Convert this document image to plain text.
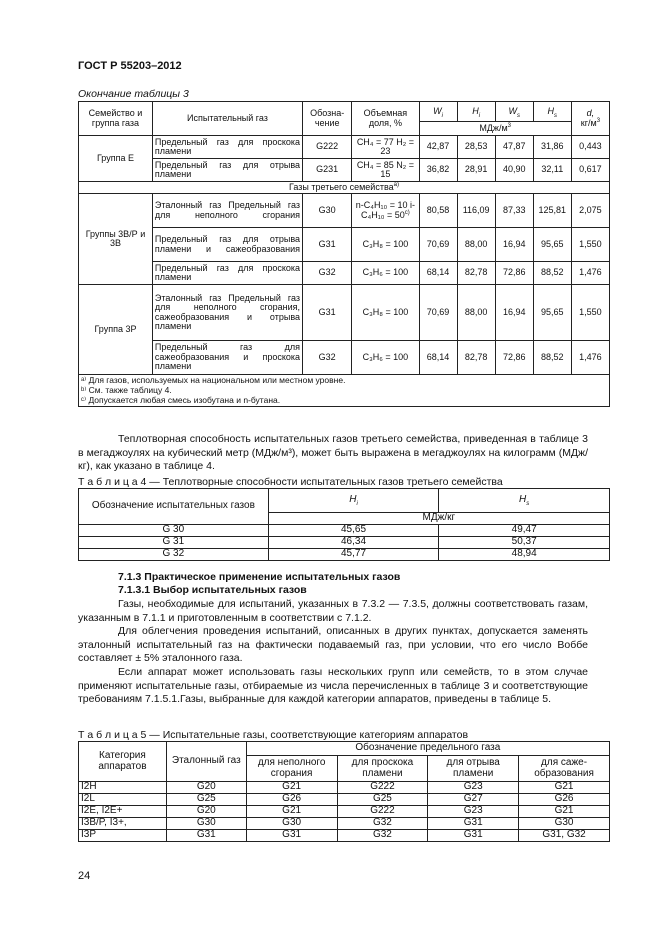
ГОСТ Р 55203–2012
Окончание таблицы 3
Семейство и группа газа	Испытательный газ	Обозна-чение	Объемная доля, %	$W_i$	$H_i$	$W_s$	$H_s$	d,
$кг/м^3$
				МДж/$м^3$
Группа Е	Предельный газ для проскока пламени	G222	CH₄ = 77 H₂ = 23	42,87	28,53	47,87	31,86	0,443
	Предельный газ для отрыва пламени	G231	CH₄ = 85 N₂ = 15	36,82	28,91	40,90	32,11	0,617
Газы третьего семейства$^{a)}$
Группы 3В/Р и 3В	Эталонный газ Предельный газ для неполного сгорания	G30	n-C₄H₁₀ = 10 $i-C_4H_{10} = 50^{c)}$	80,58	116,09	87,33	125,81	2,075
	Предельный газ для отрыва пламени и сажеобразования	G31	C₃H₈ = 100	70,69	88,00	16,94	95,65	1,550
	Предельный газ для проскока пламени	G32	C₃H₆ = 100	68,14	82,78	72,86	88,52	1,476
Группа 3Р	Эталонный газ Предельный газ для неполного сгорания, сажеобразования и отрыва пламени	G31	C₃H₈ = 100	70,69	88,00	16,94	95,65	1,550
	Предельный газ для сажеобразования и проскока пламени	G32	C₃H₆ = 100	68,14	82,78	72,86	88,52	1,476

ᵃ⁾ Для газов, используемых на национальном или местном уровне.
ᵇ⁾ См. также таблицу 4.
ᶜ⁾ Допускается любая смесь изобутана и n-бутана.								
Теплотворная способность испытательных газов третьего семейства, приведенная в таблице 3 в мегаджоулях на кубический метр (МДж/м³), может быть выражена в мегаджоулях на килограмм (МДж/кг), как указано в таблице 4.
Т а б л и ц а 4 — Теплотворные способности испытательных газов третьего семейства
Обозначение испытательных газов	$H_i$	$H_s$
	МДж/кг	
G 30	45,65	49,47
G 31	46,34	50,37
G 32	45,77	48,94
7.1.3 Практическое применение испытательных газов
7.1.3.1 Выбор испытательных газов
Газы, необходимые для испытаний, указанных в 7.3.2 — 7.3.5, должны соответствовать газам, указанным в 7.1.1 и приготовленным в соответствии с 7.1.2.
Для облегчения проведения испытаний, описанных в других пунктах, допускается заменять эталонный испытательный газ на фактически подаваемый газ, при условии, что его число Воббе составляет ± 5% эталонного газа.
Если аппарат может использовать газы нескольких групп или семейств, то в этом случае применяют испытательные газы, отбираемые из числа перечисленных в таблице 3 и соответствующие требованиям 7.1.5.1.Газы, выбранные для каждой категории аппаратов, приведены в таблице 5.
Т а б л и ц а 5 — Испытательные газы, соответствующие категориям аппаратов
Категория аппаратов	Эталонный газ	Обозначение предельного газа			
		для неполного сгорания	для проскока пламени	для отрыва пламени	для саже-образования
I2H	G20	G21	G222	G23	G21
I2L	G25	G26	G25	G27	G26
I2E, I2E+	G20	G21	G222	G23	G21
I3B/P, I3+,	G30	G30	G32	G31	G30
I3P	G31	G31	G32	G31	G31, G32
24
